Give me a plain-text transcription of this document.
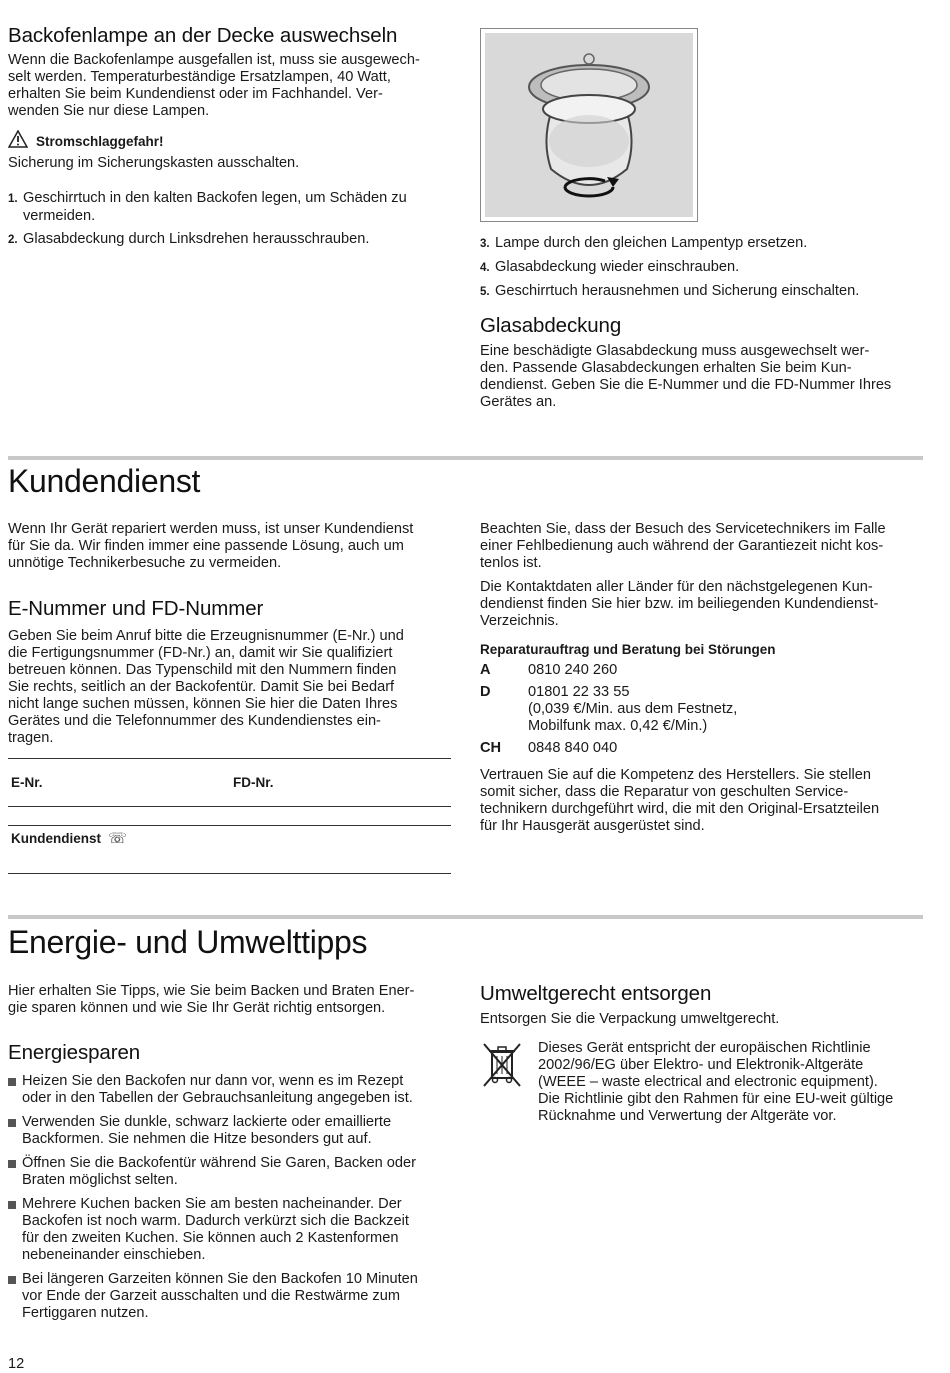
Backofenlampe an der Decke auswechseln

Wenn die Backofenlampe ausgefallen ist, muss sie ausgewech-

selt werden. Temperaturbeständige Ersatzlampen, 40 Watt,

erhalten Sie beim Kundendienst oder im Fachhandel. Ver-

wenden Sie nur diese Lampen.

Stromschlaggefahr!
Sicherung im Sicherungskasten ausschalten.
1. Geschirrtuch in den kalten Backofen legen, um Schäden zu
vermeiden.
2. Glasabdeckung durch Linksdrehen herausschrauben.	3. Lampe durch den gleichen Lampentyp ersetzen.
4. Glasabdeckung wieder einschrauben.
5. Geschirrtuch herausnehmen und Sicherung einschalten.
Glasabdeckung

Eine beschädigte Glasabdeckung muss ausgewechselt wer-

den. Passende Glasabdeckungen erhalten Sie beim Kun-

dendienst. Geben Sie die E-Nummer und die FD-Nummer Ihres

Gerätes an.

Kundendienst

Wenn Ihr Gerät repariert werden muss, ist unser Kundendienst

für Sie da. Wir finden immer eine passende Lösung, auch um

unnötige Technikerbesuche zu vermeiden.

E-Nummer und FD-Nummer

Geben Sie beim Anruf bitte die Erzeugnisnummer (E-Nr.) und

die Fertigungsnummer (FD-Nr.) an, damit wir Sie qualifiziert

betreuen können. Das Typenschild mit den Nummern finden

Sie rechts, seitlich an der Backofentür. Damit Sie bei Bedarf

nicht lange suchen müssen, können Sie hier die Daten Ihres

Gerätes und die Telefonnummer des Kundendienstes ein-

tragen.

E-Nr.	FD-Nr.
Kundendienst ☏

Beachten Sie, dass der Besuch des Servicetechnikers im Falle

einer Fehlbedienung auch während der Garantiezeit nicht kos-

tenlos ist.

Die Kontaktdaten aller Länder für den nächstgelegenen Kun-

dendienst finden Sie hier bzw. im beiliegenden Kundendienst-

Verzeichnis.

Reparaturauftrag und Beratung bei Störungen
A	0810 240 260
D	01801 22 33 55
(0,039 €/Min. aus dem Festnetz,
Mobilfunk max. 0,42 €/Min.)
CH 0848 840 040

Vertrauen Sie auf die Kompetenz des Herstellers. Sie stellen

somit sicher, dass die Reparatur von geschulten Service-

technikern durchgeführt wird, die mit den Original-Ersatzteilen

für Ihr Hausgerät ausgerüstet sind.

Energie- und Umwelttipps

Hier erhalten Sie Tipps, wie Sie beim Backen und Braten Ener-

gie sparen können und wie Sie Ihr Gerät richtig entsorgen.

Energiesparen
Heizen Sie den Backofen nur dann vor, wenn es im Rezept
oder in den Tabellen der Gebrauchsanleitung angegeben ist.
Verwenden Sie dunkle, schwarz lackierte oder emaillierte
Backformen. Sie nehmen die Hitze besonders gut auf.
Öffnen Sie die Backofentür während Sie Garen, Backen oder
Braten möglichst selten.
Mehrere Kuchen backen Sie am besten nacheinander. Der
Backofen ist noch warm. Dadurch verkürzt sich die Backzeit
für den zweiten Kuchen. Sie können auch 2 Kastenformen
nebeneinander einschieben.
Bei längeren Garzeiten können Sie den Backofen 10 Minuten
vor Ende der Garzeit ausschalten und die Restwärme zum
Fertiggaren nutzen.
Umweltgerecht entsorgen
Entsorgen Sie die Verpackung umweltgerecht.

Dieses Gerät entspricht der europäischen Richtlinie

2002/96/EG über Elektro- und Elektronik-Altgeräte

(WEEE – waste electrical and electronic equipment).

Die Richtlinie gibt den Rahmen für eine EU-weit gültige

Rücknahme und Verwertung der Altgeräte vor.

12
